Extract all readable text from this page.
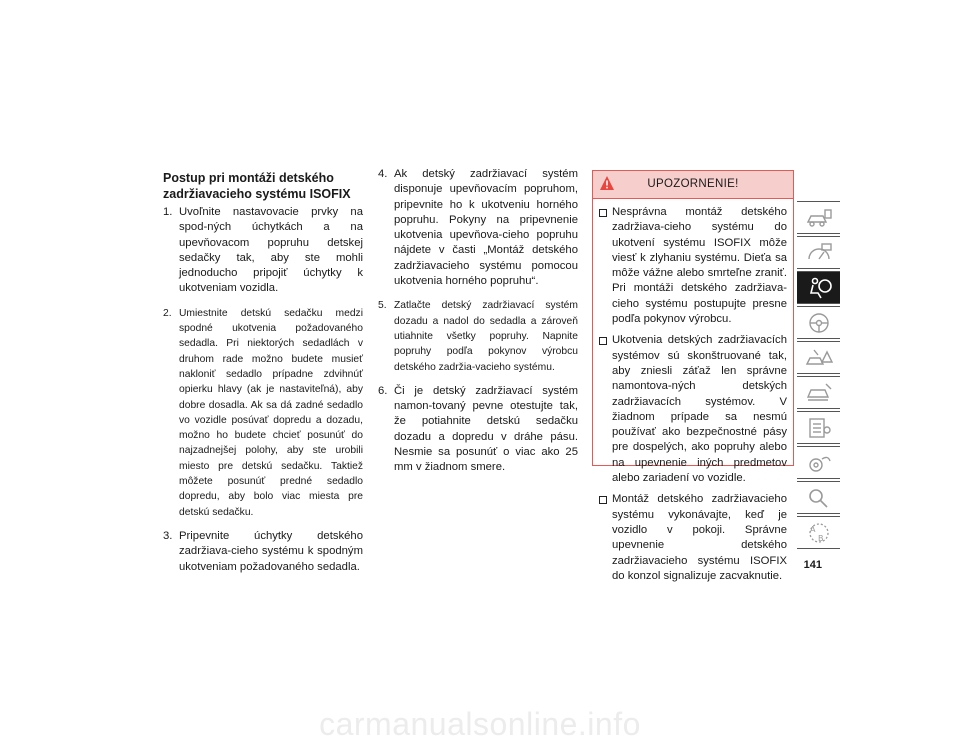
Postup pri montáži detského
zadržiavacieho systému ISOFIX
1. Uvoľnite nastavovacie prvky na spod-ných úchytkách a na upevňovacom popruhu detskej sedačky tak, aby ste mohli jednoducho pripojiť úchytky k ukotveniam vozidla.
2. Umiestnite detskú sedačku medzi spodné ukotvenia požadovaného sedadla. Pri niektorých sedadlách v druhom rade možno budete musieť nakloniť sedadlo prípadne zdvihnúť opierku hlavy (ak je nastaviteľná), aby dobre dosadla. Ak sa dá zadné sedadlo vo vozidle posúvať dopredu a dozadu, možno ho budete chcieť posunúť do najzadnejšej polohy, aby ste urobili miesto pre detskú sedačku. Taktiež môžete posunúť predné sedadlo dopredu, aby bolo viac miesta pre detskú sedačku.
3. Pripevnite úchytky detského zadržiava-cieho systému k spodným ukotveniam požadovaného sedadla.
4. Ak detský zadržiavací systém disponuje upevňovacím popruhom, pripevnite ho k ukotveniu horného popruhu. Pokyny na pripevnenie ukotvenia upevňova-cieho popruhu nájdete v časti „Montáž detského zadržiavacieho systému pomocou ukotvenia horného popruhu“.
5. Zatlačte detský zadržiavací systém dozadu a nadol do sedadla a zároveň utiahnite všetky popruhy. Napnite popruhy podľa pokynov výrobcu detského zadržia-vacieho systému.
6. Či je detský zadržiavací systém namon-tovaný pevne otestujte tak, že potiahnite detskú sedačku dozadu a dopredu v dráhe pásu. Nesmie sa posunúť o viac ako 25 mm v žiadnom smere.
UPOZORNENIE!
Nesprávna montáž detského zadržiava-cieho systému do ukotvení systému ISOFIX môže viesť k zlyhaniu systému. Dieťa sa môže vážne alebo smrteľne zraniť. Pri montáži detského zadržiava-cieho systému postupujte presne podľa pokynov výrobcu.
Ukotvenia detských zadržiavacích systémov sú skonštruované tak, aby zniesli záťaž len správne namontova-ných detských zadržiavacích systémov. V žiadnom prípade sa nesmú používať ako bezpečnostné pásy pre dospelých, ako popruhy alebo na upevnenie iných predmetov alebo zariadení vo vozidle.
Montáž detského zadržiavacieho systému vykonávajte, keď je vozidlo v pokoji. Správne upevnenie detského zadržiavacieho systému ISOFIX do konzol signalizuje zacvaknutie.
A
B
141
carmanualsonline.info
